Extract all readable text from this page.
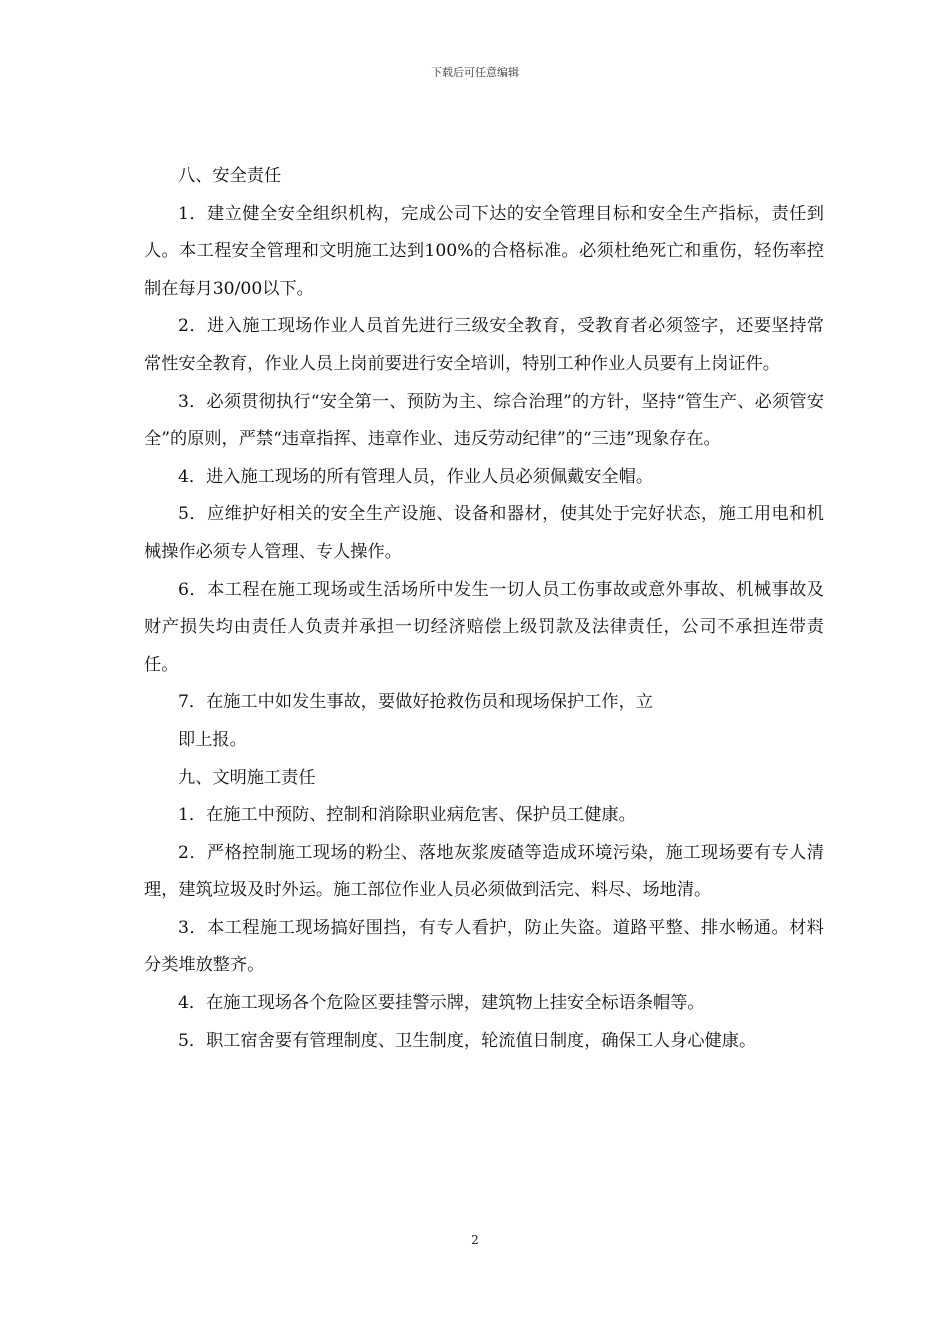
下载后可任意编辑

八、安全责任

1．建立健全安全组织机构，完成公司下达的安全管理目标和安全生产指标，责任到人。本工程安全管理和文明施工达到100%的合格标准。必须杜绝死亡和重伤，轻伤率控制在每月30/00以下。

2．进入施工现场作业人员首先进行三级安全教育，受教育者必须签字，还要坚持常常性安全教育，作业人员上岗前要进行安全培训，特别工种作业人员要有上岗证件。

3．必须贯彻执行“安全第一、预防为主、综合治理”的方针，坚持“管生产、必须管安全”的原则，严禁“违章指挥、违章作业、违反劳动纪律”的“三违”现象存在。

4．进入施工现场的所有管理人员，作业人员必须佩戴安全帽。

5．应维护好相关的安全生产设施、设备和器材，使其处于完好状态，施工用电和机械操作必须专人管理、专人操作。

6．本工程在施工现场或生活场所中发生一切人员工伤事故或意外事故、机械事故及财产损失均由责任人负责并承担一切经济赔偿上级罚款及法律责任，公司不承担连带责任。

7．在施工中如发生事故，要做好抢救伤员和现场保护工作，立

即上报。

九、文明施工责任

1．在施工中预防、控制和消除职业病危害、保护员工健康。

2．严格控制施工现场的粉尘、落地灰浆废碴等造成环境污染，施工现场要有专人清理，建筑垃圾及时外运。施工部位作业人员必须做到活完、料尽、场地清。

3．本工程施工现场搞好围挡，有专人看护，防止失盗。道路平整、排水畅通。材料分类堆放整齐。

4．在施工现场各个危险区要挂警示牌，建筑物上挂安全标语条帽等。

5．职工宿舍要有管理制度、卫生制度，轮流值日制度，确保工人身心健康。

2
